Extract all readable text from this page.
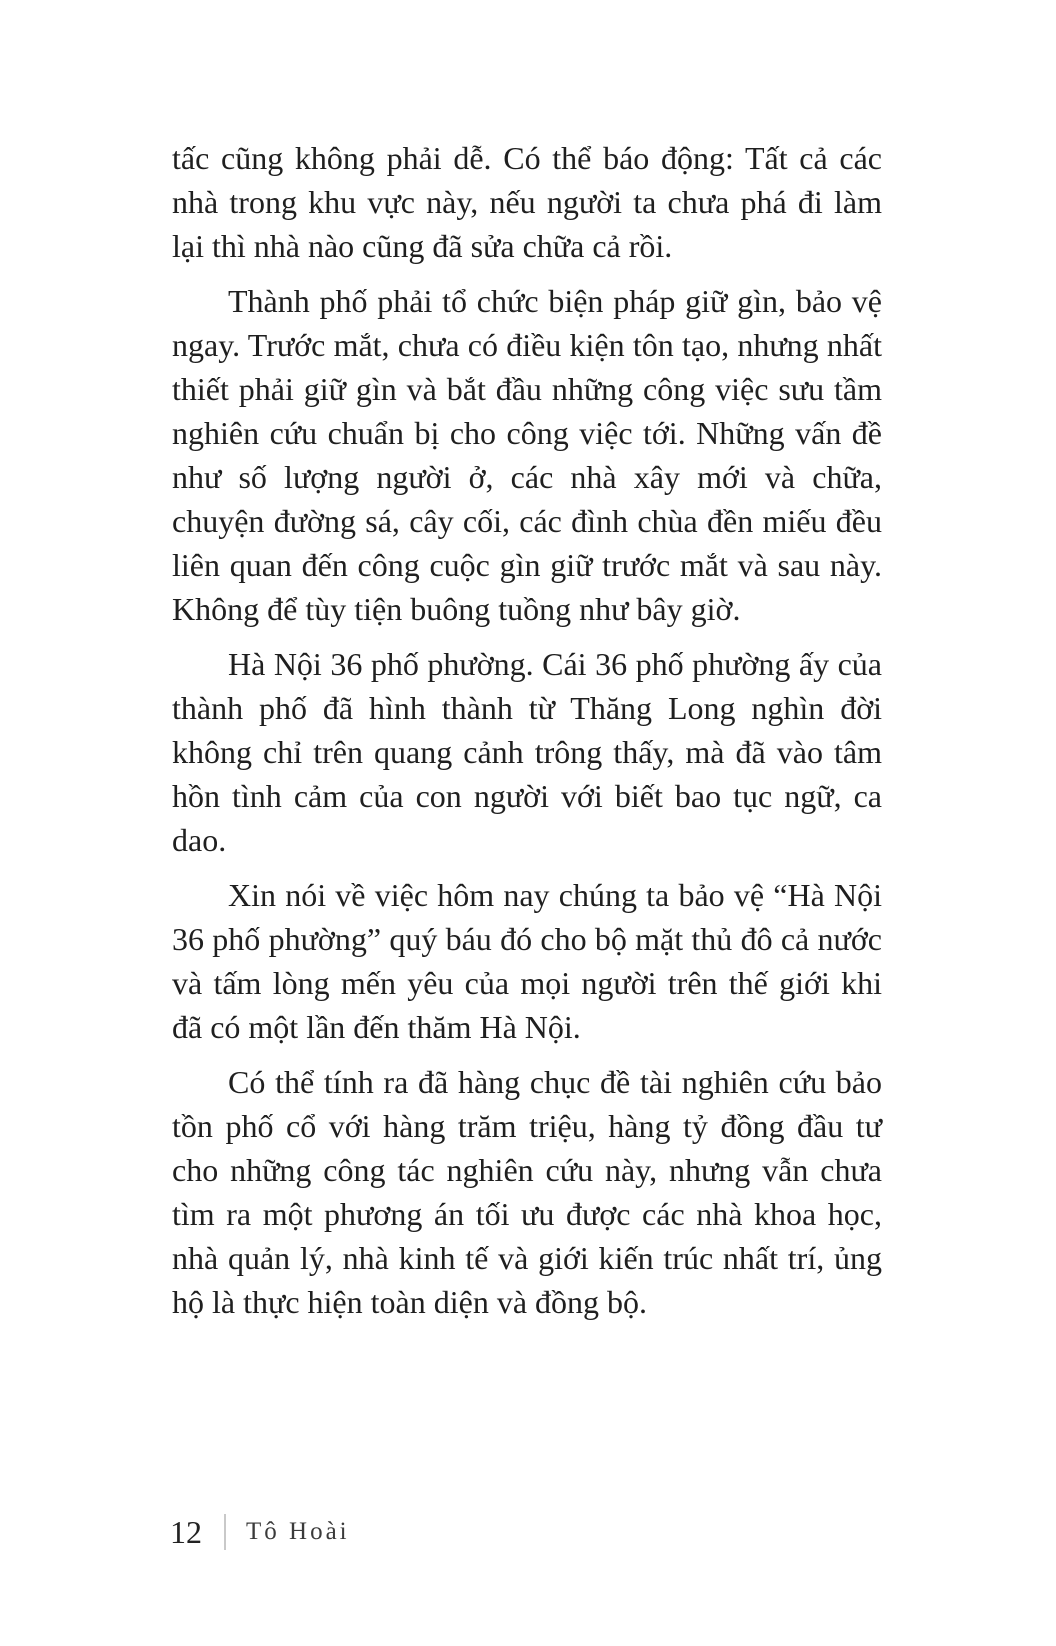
tấc cũng không phải dễ. Có thể báo động: Tất cả các nhà trong khu vực này, nếu người ta chưa phá đi làm lại thì nhà nào cũng đã sửa chữa cả rồi.

Thành phố phải tổ chức biện pháp giữ gìn, bảo vệ ngay. Trước mắt, chưa có điều kiện tôn tạo, nhưng nhất thiết phải giữ gìn và bắt đầu những công việc sưu tầm nghiên cứu chuẩn bị cho công việc tới. Những vấn đề như số lượng người ở, các nhà xây mới và chữa, chuyện đường sá, cây cối, các đình chùa đền miếu đều liên quan đến công cuộc gìn giữ trước mắt và sau này. Không để tùy tiện buông tuồng như bây giờ.

Hà Nội 36 phố phường. Cái 36 phố phường ấy của thành phố đã hình thành từ Thăng Long nghìn đời không chỉ trên quang cảnh trông thấy, mà đã vào tâm hồn tình cảm của con người với biết bao tục ngữ, ca dao.

Xin nói về việc hôm nay chúng ta bảo vệ “Hà Nội 36 phố phường” quý báu đó cho bộ mặt thủ đô cả nước và tấm lòng mến yêu của mọi người trên thế giới khi đã có một lần đến thăm Hà Nội.

Có thể tính ra đã hàng chục đề tài nghiên cứu bảo tồn phố cổ với hàng trăm triệu, hàng tỷ đồng đầu tư cho những công tác nghiên cứu này, nhưng vẫn chưa tìm ra một phương án tối ưu được các nhà khoa học, nhà quản lý, nhà kinh tế và giới kiến trúc nhất trí, ủng hộ là thực hiện toàn diện và đồng bộ.

12 Tô Hoài
